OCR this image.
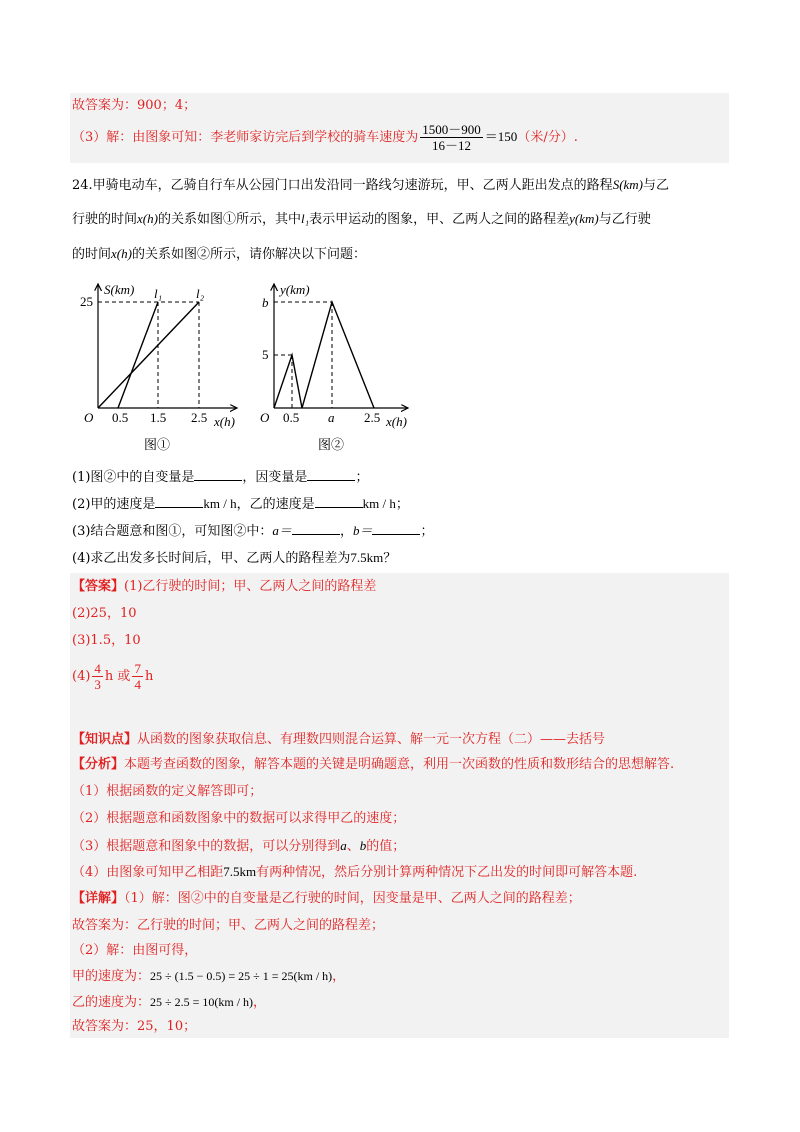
故答案为：900；4；
（3）解：由图象可知：李老师家访完后到学校的骑车速度为 $\frac{1500-900}{16-12} =150$（米/分）.
24.甲骑电动车，乙骑自行车从公园门口出发沿同一路线匀速游玩，甲、乙两人距出发点的路程S(km)与乙
行驶的时间x(h)的关系如图①所示，其中l₁表示甲运动的图象，甲、乙两人之间的路程差y(km)与乙行驶
的时间x(h)的关系如图②所示，请你解决以下问题：
S(km)
25
l₁	l₂
O 0.5 1.5 2.5 x(h)
图①
y(km)
b
5
O 0.5 a 2.5 x(h)
图②
(1)图②中的自变量是	，因变量是	；
(2)甲的速度是	km / h，乙的速度是	km / h；
(3)结合题意和图①，可知图②中：a＝	，b＝	；
(4)求乙出发多长时间后，甲、乙两人的路程差为7.5km？
【答案】(1)乙行驶的时间；甲、乙两人之间的路程差
(2)25，10
(3)1.5，10
$(4) \frac{4}{3}$ h 或 $\frac{7}{4}$ h
【知识点】从函数的图象获取信息、有理数四则混合运算、解一元一次方程（二）——去括号
【分析】本题考查函数的图象，解答本题的关键是明确题意，利用一次函数的性质和数形结合的思想解答.
（1）根据函数的定义解答即可；
（2）根据题意和函数图象中的数据可以求得甲乙的速度；
（3）根据题意和图象中的数据，可以分别得到a、b的值；
（4）由图象可知甲乙相距7.5km有两种情况，然后分别计算两种情况下乙出发的时间即可解答本题.
【详解】（1）解：图②中的自变量是乙行驶的时间，因变量是甲、乙两人之间的路程差；
故答案为：乙行驶的时间；甲、乙两人之间的路程差；
（2）解：由图可得，
甲的速度为：25 ÷ (1.5 − 0.5) = 25 ÷ 1 = 25(km / h)，
乙的速度为：25 ÷ 2.5 = 10(km / h)，
故答案为：25，10；
